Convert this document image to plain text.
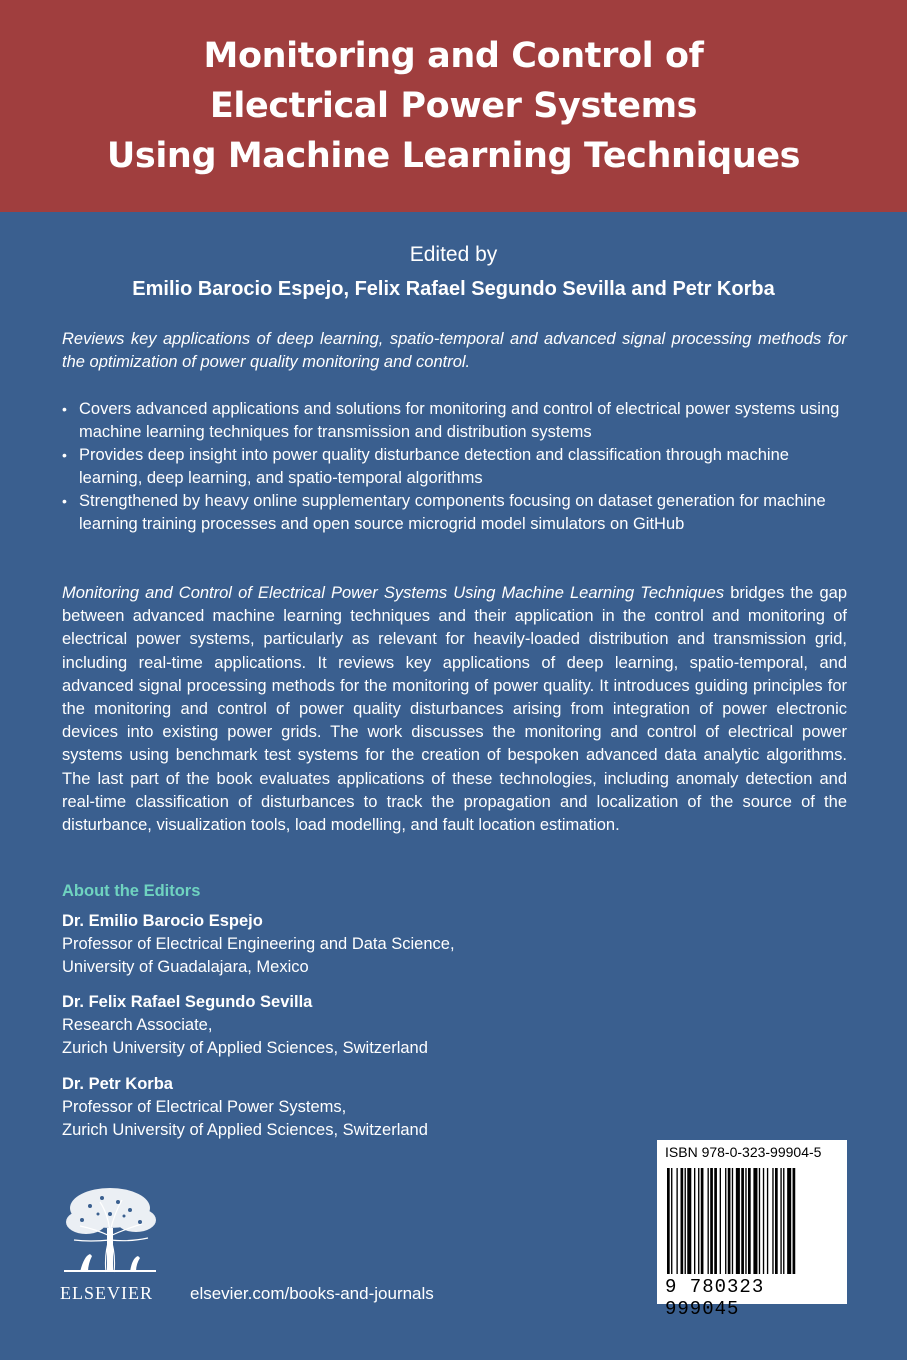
Monitoring and Control of
Electrical Power Systems
Using Machine Learning Techniques
Edited by
Emilio Barocio Espejo, Felix Rafael Segundo Sevilla and Petr Korba
Reviews key applications of deep learning, spatio-temporal and advanced signal processing methods for the optimization of power quality monitoring and control.
• Covers advanced applications and solutions for monitoring and control of electrical power systems using machine learning techniques for transmission and distribution systems
• Provides deep insight into power quality disturbance detection and classification through machine learning, deep learning, and spatio-temporal algorithms
• Strengthened by heavy online supplementary components focusing on dataset generation for machine learning training processes and open source microgrid model simulators on GitHub
Monitoring and Control of Electrical Power Systems Using Machine Learning Techniques bridges the gap between advanced machine learning techniques and their application in the control and monitoring of electrical power systems, particularly as relevant for heavily-loaded distribution and transmission grid, including real-time applications. It reviews key applications of deep learning, spatio-temporal, and advanced signal processing methods for the monitoring of power quality. It introduces guiding principles for the monitoring and control of power quality disturbances arising from integration of power electronic devices into existing power grids. The work discusses the monitoring and control of electrical power systems using benchmark test systems for the creation of bespoken advanced data analytic algorithms. The last part of the book evaluates applications of these technologies, including anomaly detection and real-time classification of disturbances to track the propagation and localization of the source of the disturbance, visualization tools, load modelling, and fault location estimation.
About the Editors
Dr. Emilio Barocio Espejo
Professor of Electrical Engineering and Data Science,
University of Guadalajara, Mexico
Dr. Felix Rafael Segundo Sevilla
Research Associate,
Zurich University of Applied Sciences, Switzerland
Dr. Petr Korba
Professor of Electrical Power Systems,
Zurich University of Applied Sciences, Switzerland
ELSEVIER	elsevier.com/books-and-journals
ISBN 978-0-323-99904-5
9 780323 999045
